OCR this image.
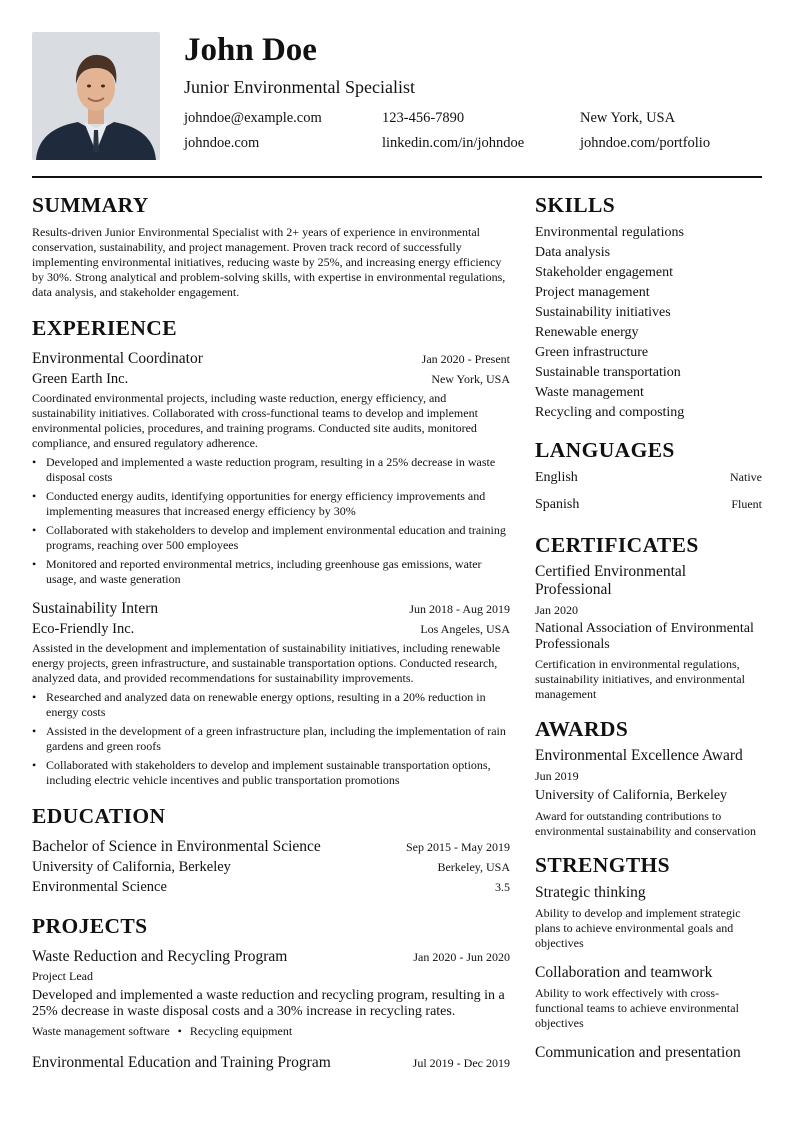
John Doe
Junior Environmental Specialist
johndoe@example.com	123-456-7890	New York, USA
johndoe.com	linkedin.com/in/johndoe	johndoe.com/portfolio
SUMMARY
Results-driven Junior Environmental Specialist with 2+ years of experience in environmental conservation, sustainability, and project management. Proven track record of successfully implementing environmental initiatives, reducing waste by 25%, and increasing energy efficiency by 30%. Strong analytical and problem-solving skills, with expertise in environmental regulations, data analysis, and stakeholder engagement.
EXPERIENCE
Environmental Coordinator	Jan 2020 - Present
Green Earth Inc.	New York, USA
Coordinated environmental projects, including waste reduction, energy efficiency, and sustainability initiatives. Collaborated with cross-functional teams to develop and implement environmental policies, procedures, and training programs. Conducted site audits, monitored compliance, and ensured regulatory adherence.
• Developed and implemented a waste reduction program, resulting in a 25% decrease in waste disposal costs
• Conducted energy audits, identifying opportunities for energy efficiency improvements and implementing measures that increased energy efficiency by 30%
• Collaborated with stakeholders to develop and implement environmental education and training programs, reaching over 500 employees
• Monitored and reported environmental metrics, including greenhouse gas emissions, water usage, and waste generation
Sustainability Intern	Jun 2018 - Aug 2019
Eco-Friendly Inc.	Los Angeles, USA
Assisted in the development and implementation of sustainability initiatives, including renewable energy projects, green infrastructure, and sustainable transportation options. Conducted research, analyzed data, and provided recommendations for sustainability improvements.
• Researched and analyzed data on renewable energy options, resulting in a 20% reduction in energy costs
• Assisted in the development of a green infrastructure plan, including the implementation of rain gardens and green roofs
• Collaborated with stakeholders to develop and implement sustainable transportation options, including electric vehicle incentives and public transportation promotions
EDUCATION
Bachelor of Science in Environmental Science	Sep 2015 - May 2019
University of California, Berkeley	Berkeley, USA
Environmental Science	3.5
PROJECTS
Waste Reduction and Recycling Program	Jan 2020 - Jun 2020
Project Lead
Developed and implemented a waste reduction and recycling program, resulting in a 25% decrease in waste disposal costs and a 30% increase in recycling rates.
Waste management software • Recycling equipment
Environmental Education and Training Program	Jul 2019 - Dec 2019
SKILLS
Environmental regulations
Data analysis
Stakeholder engagement
Project management
Sustainability initiatives
Renewable energy
Green infrastructure
Sustainable transportation
Waste management
Recycling and composting
LANGUAGES
English	Native
Spanish	Fluent
CERTIFICATES
Certified Environmental Professional
Jan 2020
National Association of Environmental Professionals
Certification in environmental regulations, sustainability initiatives, and environmental management
AWARDS
Environmental Excellence Award
Jun 2019
University of California, Berkeley
Award for outstanding contributions to environmental sustainability and conservation
STRENGTHS
Strategic thinking
Ability to develop and implement strategic plans to achieve environmental goals and objectives
Collaboration and teamwork
Ability to work effectively with cross-functional teams to achieve environmental objectives
Communication and presentation
